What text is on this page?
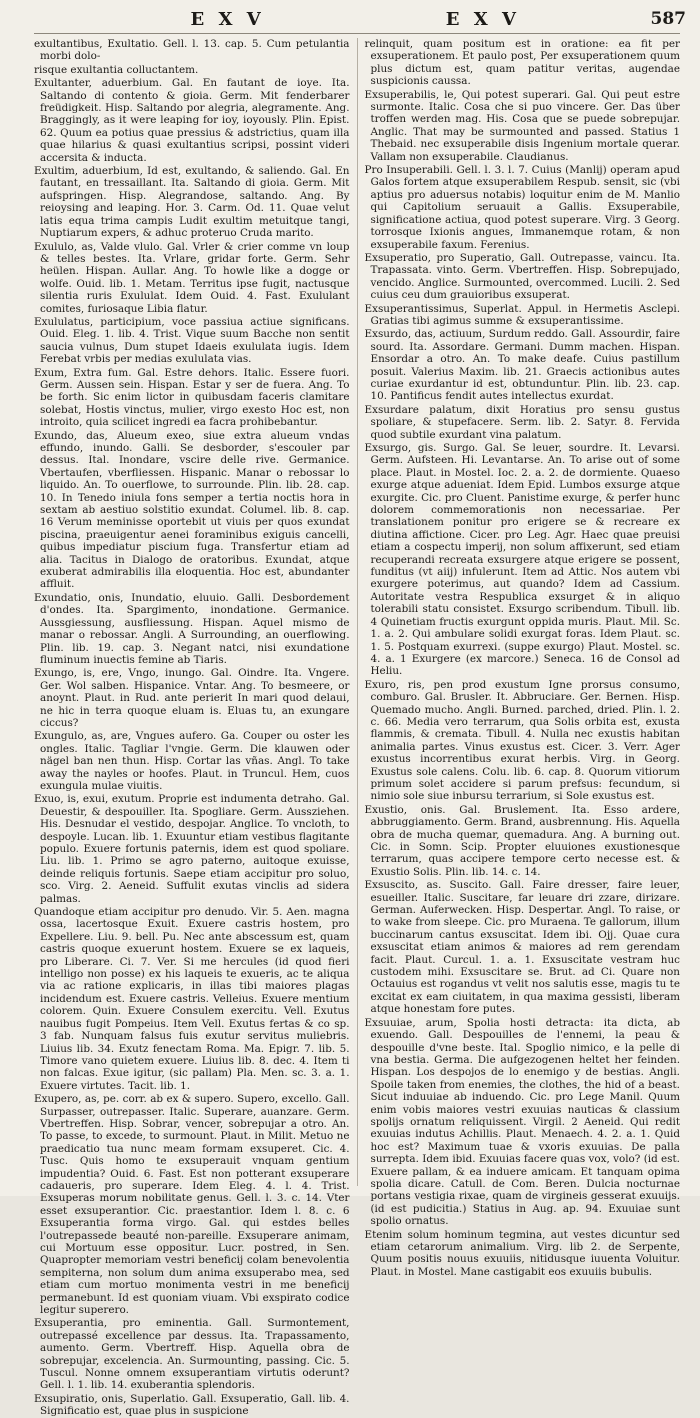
E X V	E X V	587

exultantibus, Exultatio. Gell. l. 13. cap. 5. Cum petulantia morbi dolo-

risque exultantia colluctantem.

Exultanter, aduerbium. Gal. En fautant de ioye. Ita. Saltando di contento & gioia. Germ. Mit fenderbarer freüdigkeit. Hisp. Saltando por alegria, alegramente. Ang. Braggingly, as it were leaping for ioy, ioyously. Plin. Epist. 62. Quum ea potius quae pressius & adstrictius, quam illa quae hilarius & quasi exultantius scripsi, possint videri accersita & inducta.

Exultim, aduerbium, Id est, exultando, & saliendo. Gal. En fautant, en tressaillant. Ita. Saltando di gioia. Germ. Mit aufspringen. Hisp. Alegrandose, saltando. Ang. By reioysing and leaping. Hor. 3. Carm. Od. 11. Quae velut latis equa trima campis Ludit exultim metuitque tangi, Nuptiarum expers, & adhuc proteruo Cruda marito.

Exululo, as, Valde vlulo. Gal. Vrler & crier comme vn loup & telles bestes. Ita. Vrlare, gridar forte. Germ. Sehr heülen. Hispan. Aullar. Ang. To howle like a dogge or wolfe. Ouid. lib. 1. Metam. Territus ipse fugit, nactusque silentia ruris Exululat. Idem Ouid. 4. Fast. Exululant comites, furiosaque Libia flatur.

Exululatus, participium, voce passiua actiue significans. Ouid. Eleg. 1. lib. 4. Trist. Vique suum Bacche non sentit saucia vulnus, Dum stupet Idaeis exululata iugis. Idem Ferebat vrbis per medias exululata vias.

Exum, Extra fum. Gal. Estre dehors. Italic. Essere fuori. Germ. Aussen sein. Hispan. Estar y ser de fuera. Ang. To be forth. Sic enim lictor in quibusdam faceris clamitare solebat, Hostis vinctus, mulier, virgo exesto Hoc est, non introito, quia scilicet ingredi ea facra prohibebantur.

Exundo, das, Alueum exeo, siue extra alueum vndas effundo, inundo. Galli. Se desborder, s'escouler par dessus. Ital. Inondare, vscire delle rive. Germanice. Vbertaufen, vberfliessen. Hispanic. Manar o rebossar lo liquido. An. To ouerflowe, to surrounde. Plin. lib. 28. cap. 10. In Tenedo iniula fons semper a tertia noctis hora in sextam ab aestiuo solstitio exundat. Columel. lib. 8. cap. 16 Verum meminisse oportebit ut viuis per quos exundat piscina, praeuigentur aenei foraminibus exiguis cancelli, quibus impediatur piscium fuga. Transfertur etiam ad alia. Tacitus in Dialogo de oratoribus. Exundat, atque exuberat admirabilis illa eloquentia. Hoc est, abundanter affluit.

Exundatio, onis, Inundatio, eluuio. Galli. Desbordement d'ondes. Ita. Spargimento, inondatione. Germanice. Aussgiessung, ausfliessung. Hispan. Aquel mismo de manar o rebossar. Angli. A Surrounding, an ouerflowing. Plin. lib. 19. cap. 3. Negant natci, nisi exundatione fluminum inuectis femine ab Tiaris.

Exungo, is, ere, Vngo, inungo. Gal. Oindre. Ita. Vngere. Ger. Wol salben. Hispanice. Vntar. Ang. To besmeere, or anoynt. Plaut. in Rud. ante perierit In mari quod delaui, ne hic in terra quoque eluam is. Eluas tu, an exungare ciccus?

Exungulo, as, are, Vngues aufero. Ga. Couper ou oster les ongles. Italic. Tagliar l'vngie. Germ. Die klauwen oder nägel ban nen thun. Hisp. Cortar las vñas. Angl. To take away the nayles or hoofes. Plaut. in Truncul. Hem, cuos exungula mulae viuitis.

Exuo, is, exui, exutum. Proprie est indumenta detraho. Gal. Deuestir, & despouiller. Ita. Spogliare. Germ. Aussziehen. His. Desnudar el vestido, despojar. Anglice. To vncloth, to despoyle. Lucan. lib. 1. Exuuntur etiam vestibus flagitante populo. Exuere fortunis paternis, idem est quod spoliare. Liu. lib. 1. Primo se agro paterno, auitoque exuisse, deinde reliquis fortunis. Saepe etiam accipitur pro soluo, sco. Virg. 2. Aeneid. Suffulit exutas vinclis ad sidera palmas.

Quandoque etiam accipitur pro denudo. Vir. 5. Aen. magna ossa, lacertosque Exuit. Exuere castris hostem, pro Expellere. Liu. 9. bell. Pu. Nec ante abscessum est, quam castris quoque exuerunt hostem. Exuere se ex laqueis, pro Liberare. Ci. 7. Ver. Si me hercules (id quod fieri intelligo non posse) ex his laqueis te exueris, ac te aliqua via ac ratione explicaris, in illas tibi maiores plagas incidendum est. Exuere castris. Velleius. Exuere mentium colorem. Quin. Exuere Consulem exercitu. Vell. Exutus nauibus fugit Pompeius. Item Vell. Exutus fertas & co sp. 3 fab. Nunquam falsus fuis exutur servitus muliebris. Liuius lib. 34. Exutz fenectam Roma. Ma. Epigr. 7. lib. 5. Timore vano quietem exuere. Liuius lib. 8. dec. 4. Item ti non falcas. Exue igitur, (sic pallam) Pla. Men. sc. 3. a. 1. Exuere virtutes. Tacit. lib. 1.

Exupero, as, pe. corr. ab ex & supero. Supero, excello. Gall. Surpasser, outrepasser. Italic. Superare, auanzare. Germ. Vbertreffen. Hisp. Sobrar, vencer, sobrepujar a otro. An. To passe, to excede, to surmount. Plaut. in Milit. Metuo ne praedicatio tua nunc meam formam exsuperet. Cic. 4. Tusc. Quis homo te exsuperauit vnquam gentium impudentia? Ouid. 6. Fast. Est non potterant exsuperare cadaueris, pro superare. Idem Eleg. 4. l. 4. Trist. Exsuperas morum nobilitate genus. Gell. l. 3. c. 14. Vter esset exsuperantior. Cic. praestantior. Idem l. 8. c. 6 Exsuperantia forma virgo. Gal. qui estdes belles l'outrepassede beauté non-pareille. Exsuperare animam, cui Mortuum esse oppositur. Lucr. postred, in Sen. Quapropter memoriam vestri beneficij colam benevolentia sempiterna, non solum dum anima exsuperabo mea, sed etiam cum mortuo monimenta vestri in me beneficij permanebunt. Id est quoniam viuam. Vbi exspirato codice legitur superero.

Exsuperantia, pro eminentia. Gall. Surmontement, outrepassé excellence par dessus. Ita. Trapassamento, aumento. Germ. Vbertreff. Hisp. Aquella obra de sobrepujar, excelencia. An. Surmounting, passing. Cic. 5. Tuscul. Nonne omnem exsuperantiam virtutis oderunt? Gell. l. 1. lib. 14. exuberantia splendoris.

Exsupiratio, onis, Superlatio. Gall. Exsuperatio, Gall. lib. 4. Significatio est, quae plus in suspicione

relinquit, quam positum est in oratione: ea fit per exsuperationem. Et paulo post, Per exsuperationem quum plus dictum est, quam patitur veritas, augendae suspicionis caussa.

Exsuperabilis, le, Qui potest superari. Gal. Qui peut estre surmonte. Italic. Cosa che si puo vincere. Ger. Das über troffen werden mag. His. Cosa que se puede sobrepujar. Anglic. That may be surmounted and passed. Statius 1 Thebaid. nec exsuperabile disis Ingenium mortale querar. Vallam non exsuperabile. Claudianus.

Pro Insuperabili. Gell. l. 3. l. 7. Cuius (Manlij) operam apud Galos fortem atque exsuperabilem Respub. sensit, sic (vbi aptius pro aduersus notabis) loquitur enim de M. Manlio qui Capitolium seruauit a Gallis. Exsuperabile, significatione actiua, quod potest superare. Virg. 3 Georg. torrosque Ixionis angues, Immanemque rotam, & non exsuperabile faxum. Ferenius.

Exsuperatio, pro Superatio, Gall. Outrepasse, vaincu. Ita. Trapassata. vinto. Germ. Vbertreffen. Hisp. Sobrepujado, vencido. Anglice. Surmounted, overcommed. Lucili. 2. Sed cuius ceu dum grauioribus exsuperat.

Exsuperantissimus, Superlat. Appul. in Hermetis Asclepi. Gratias tibi agimus summe & exsuperantissime.

Exsurdo, das, actiuum, Surdum reddo. Gall. Assourdir, faire sourd. Ita. Assordare. Germani. Dumm machen. Hispan. Ensordar a otro. An. To make deafe. Cuius pastillum posuit. Valerius Maxim. lib. 21. Graecis actionibus autes curiae exurdantur id est, obtunduntur. Plin. lib. 23. cap. 10. Pantificus fendit autes intellectus exurdat.

Exsurdare palatum, dixit Horatius pro sensu gustus spoliare, & stupefacere. Serm. lib. 2. Satyr. 8. Fervida quod subtile exurdant vina palatum.

Exsurgo, gis. Surgo. Gal. Se leuer, sourdre. It. Levarsi. Germ. Aufsteen. Hi. Levantarse. An. To arise out of some place. Plaut. in Mostel. Ioc. 2. a. 2. de dormiente. Quaeso exurge atque adueniat. Idem Epid. Lumbos exsurge atque exurgite. Cic. pro Cluent. Panistime exurge, & perfer hunc dolorem commemorationis non necessariae. Per translationem ponitur pro erigere se & recreare ex diutina affictione. Cicer. pro Leg. Agr. Haec quae preuisi etiam a cospectu imperij, non solum affixerunt, sed etiam recuperandi recreata exsurgere atque erigere se possent, funditus (vt aiij) infulerunt. Item ad Attic. Nos autem vbi exurgere poterimus, aut quando? Idem ad Cassium. Autoritate vestra Respublica exsurget & in aliquo tolerabili statu consistet. Exsurgo scribendum. Tibull. lib. 4 Quinetiam fructis exurgunt oppida muris. Plaut. Mil. Sc. 1. a. 2. Qui ambulare solidi exurgat foras. Idem Plaut. sc. 1. 5. Postquam exurrexi. (suppe exurgo) Plaut. Mostel. sc. 4. a. 1 Exurgere (ex marcore.) Seneca. 16 de Consol ad Heliu.

Exuro, ris, pen prod exustum Igne prorsus consumo, comburo. Gal. Brusler. It. Abbruciare. Ger. Bernen. Hisp. Quemado mucho. Angli. Burned. parched, dried. Plin. l. 2. c. 66. Media vero terrarum, qua Solis orbita est, exusta flammis, & cremata. Tibull. 4. Nulla nec exustis habitan animalia partes. Vinus exustus est. Cicer. 3. Verr. Ager exustus incorrentibus exurat herbis. Virg. in Georg. Exustus sole calens. Colu. lib. 6. cap. 8. Quorum vitiorum primum solet accidere si parum prefsus: fecundum, si nimio sole siue inbursu terrarium, si Sole exustus est.

Exustio, onis. Gal. Bruslement. Ita. Esso ardere, abbruggiamento. Germ. Brand, ausbrennung. His. Aquella obra de mucha quemar, quemadura. Ang. A burning out. Cic. in Somn. Scip. Propter eluuiones exustionesque terrarum, quas accipere tempore certo necesse est. & Exustio Solis. Plin. lib. 14. c. 14.

Exsuscito, as. Suscito. Gall. Faire dresser, faire leuer, esueiller. Italic. Suscitare, far leuare dri zzare, dirizare. German. Auferwecken. Hisp. Despertar. Angl. To raise, or to wake from sleepe. Cic. pro Muraena. Te gallorum, illum buccinarum cantus exsuscitat. Idem ibi. Ojj. Quae cura exsuscitat etiam animos & maiores ad rem gerendam facit. Plaut. Curcul. 1. a. 1. Exsuscitate vestram huc custodem mihi. Exsuscitare se. Brut. ad Ci. Quare non Octauius est rogandus vt velit nos salutis esse, magis tu te excitat ex eam ciuitatem, in qua maxima gessisti, liberam atque honestam fore putes.

Exsuuiae, arum, Spolia hosti detracta: ita dicta, ab exuendo. Gall. Despouilles de l'ennemi, la peau & despouille d'vne beste. Ital. Spoglio nimico, e la pelle di vna bestia. Germa. Die aufgezogenen heltet her feinden. Hispan. Los despojos de lo enemigo y de bestias. Angli. Spoile taken from enemies, the clothes, the hid of a beast. Sicut induuiae ab induendo. Cic. pro Lege Manil. Quum enim vobis maiores vestri exuuias nauticas & classium spolijs ornatum reliquissent. Virgil. 2 Aeneid. Qui redit exuuias indutus Achillis. Plaut. Menaech. 4. 2. a. 1. Quid hoc est? Maximum tuae & vxoris exuuias. De palla surrepta. Idem ibid. Exuuias facere quas vox, volo? (id est. Exuere pallam, & ea induere amicam. Et tanquam opima spolia dicare. Catull. de Com. Beren. Dulcia nocturnae portans vestigia rixae, quam de virgineis gesserat exuuijs. (id est pudicitia.) Statius in Aug. ap. 94. Exuuiae sunt spolio ornatus.

Etenim solum hominum tegmina, aut vestes dicuntur sed etiam cetarorum animalium. Virg. lib 2. de Serpente, Quum positis nouus exuuiis, nitidusque iuuenta Voluitur. Plaut. in Mostel. Mane castigabit eos exuuiis bubulis.
